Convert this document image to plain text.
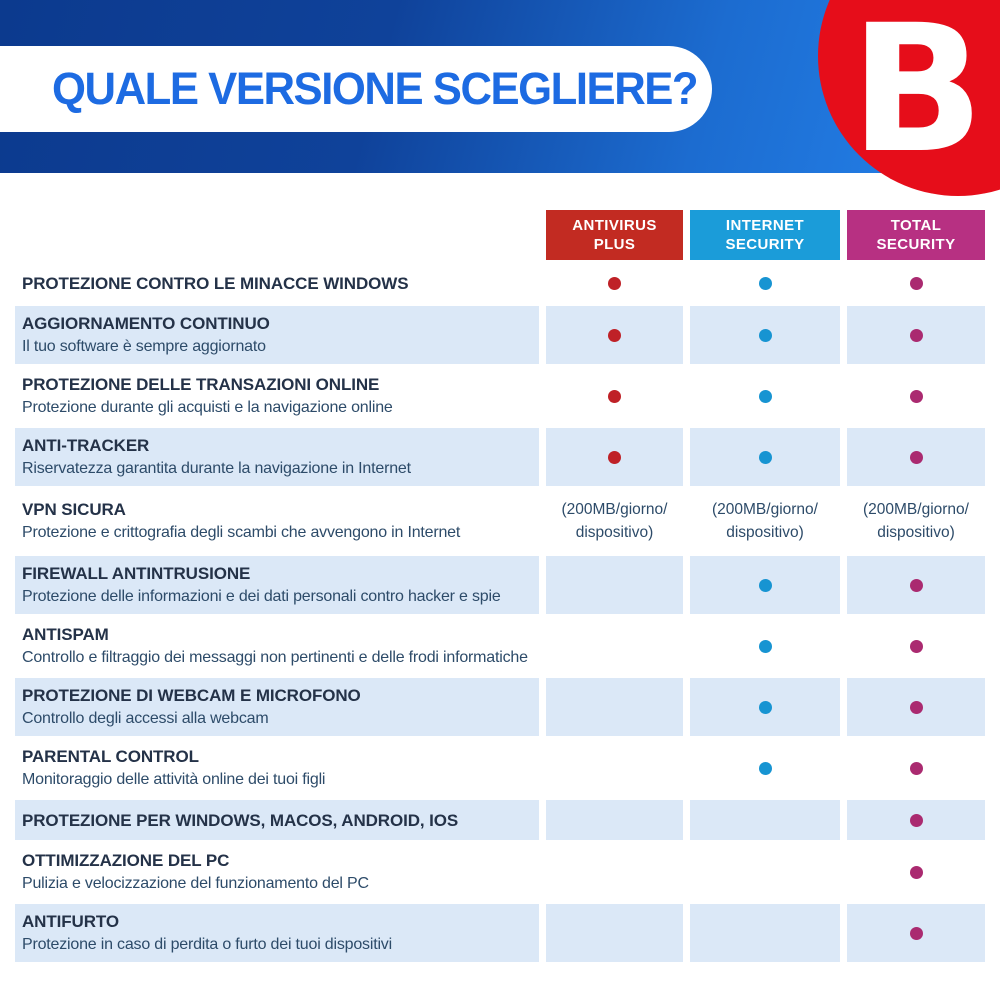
QUALE VERSIONE SCEGLIERE? B
ANTIVIRUS
PLUS
INTERNET
SECURITY
TOTAL
SECURITY
PROTEZIONE CONTRO LE MINACCE WINDOWS
AGGIORNAMENTO CONTINUO
Il tuo software è sempre aggiornato
PROTEZIONE DELLE TRANSAZIONI ONLINE
Protezione durante gli acquisti e la navigazione online
ANTI-TRACKER
Riservatezza garantita durante la navigazione in Internet
VPN SICURA
Protezione e crittografia degli scambi che avvengono in Internet
(200MB/giorno/
dispositivo)
(200MB/giorno/
dispositivo)
(200MB/giorno/
dispositivo)
FIREWALL ANTINTRUSIONE
Protezione delle informazioni e dei dati personali contro hacker e spie
ANTISPAM
Controllo e filtraggio dei messaggi non pertinenti e delle frodi informatiche
PROTEZIONE DI WEBCAM E MICROFONO
Controllo degli accessi alla webcam
PARENTAL CONTROL
Monitoraggio delle attività online dei tuoi figli
PROTEZIONE PER WINDOWS, MACOS, ANDROID, IOS
OTTIMIZZAZIONE DEL PC
Pulizia e velocizzazione del funzionamento del PC
ANTIFURTO
Protezione in caso di perdita o furto dei tuoi dispositivi
